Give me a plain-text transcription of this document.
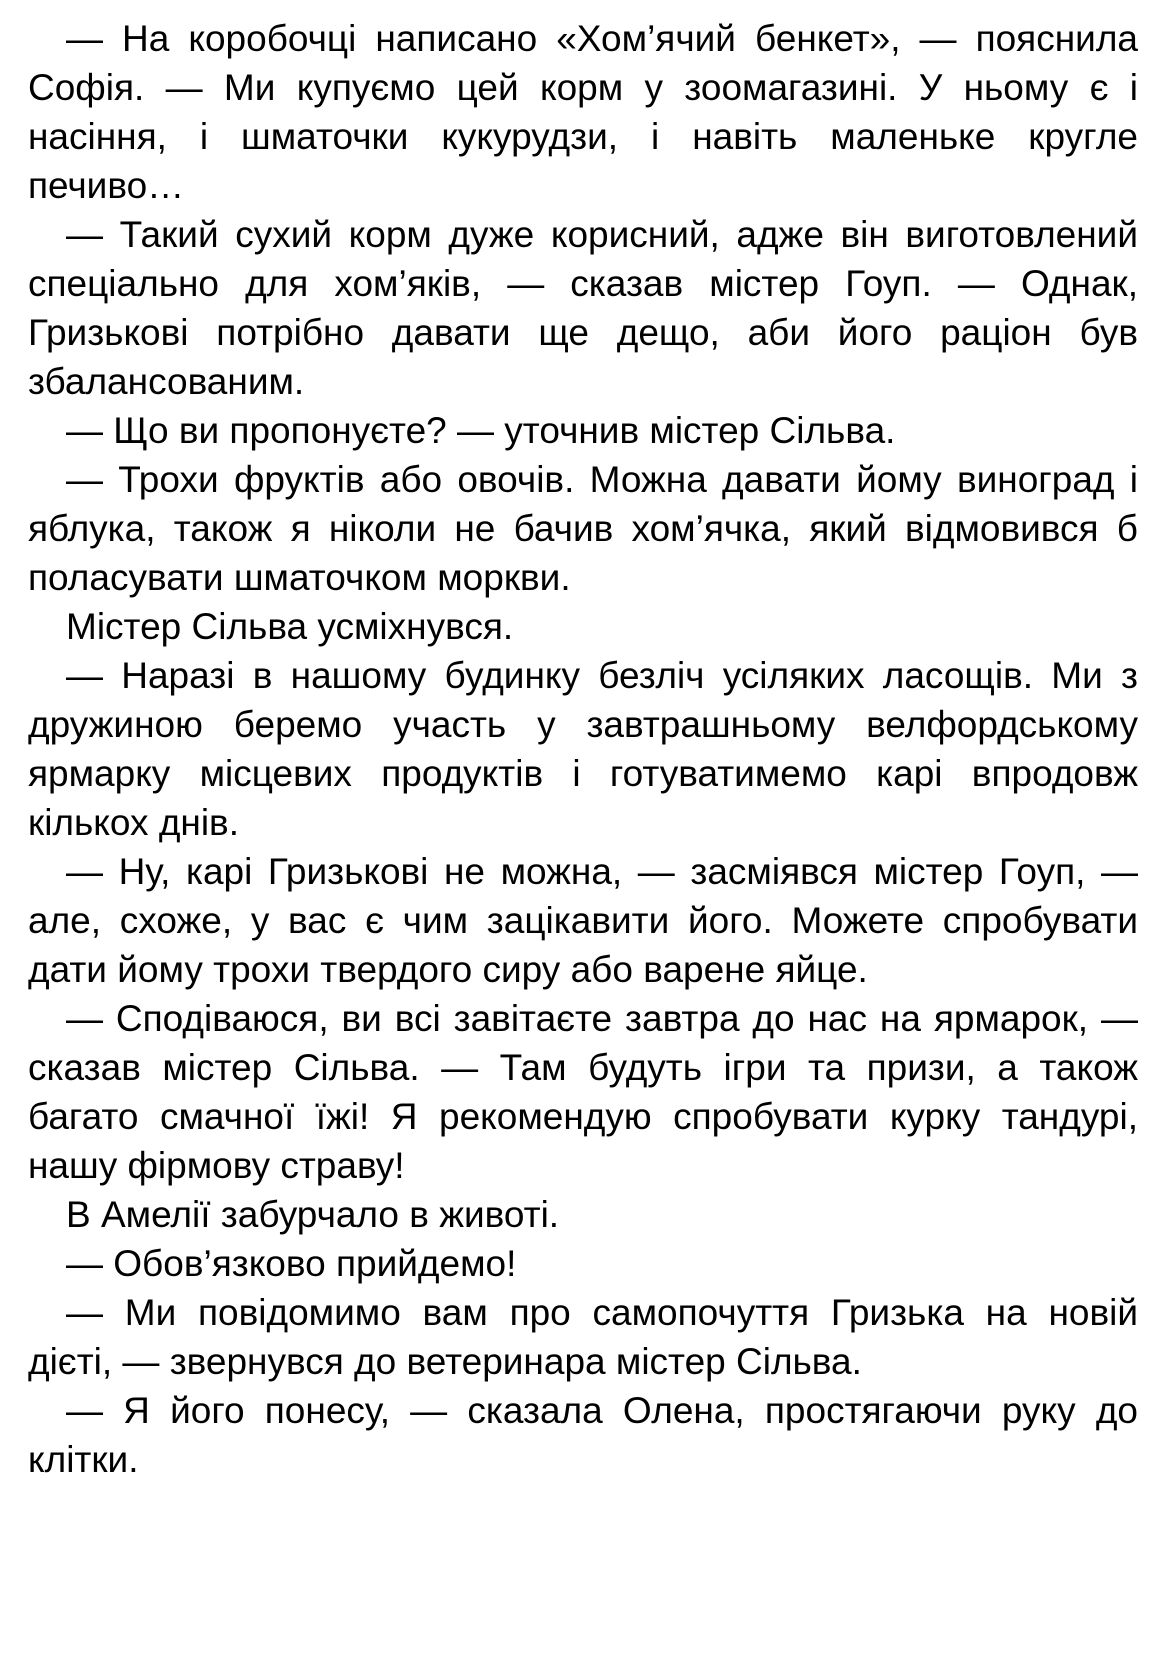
— На коробочці написано «Хом’ячий бенкет», — пояснила Софія. — Ми купуємо цей корм у зоомагазині. У ньому є і насіння, і шматочки кукурудзи, і навіть маленьке кругле печиво…

— Такий сухий корм дуже корисний, адже він виготовлений спеціально для хом’яків, — сказав містер Гоуп. — Однак, Гризькові потрібно давати ще дещо, аби його раціон був збалансованим.

— Що ви пропонуєте? — уточнив містер Сільва.

— Трохи фруктів або овочів. Можна давати йому виноград і яблука, також я ніколи не бачив хом’ячка, який відмовився б поласувати шматочком моркви.

Містер Сільва усміхнувся.

— Наразі в нашому будинку безліч усіляких ласощів. Ми з дружиною беремо участь у завтрашньому велфордському ярмарку місцевих продуктів і готуватимемо карі впродовж кількох днів.

— Ну, карі Гризькові не можна, — засміявся містер Гоуп, — але, схоже, у вас є чим зацікавити його. Можете спробувати дати йому трохи твердого сиру або варене яйце.

— Сподіваюся, ви всі завітаєте завтра до нас на ярмарок, — сказав містер Сільва. — Там будуть ігри та призи, а також багато смачної їжі! Я рекомендую спробувати курку тандурі, нашу фірмову страву!

В Амелії забурчало в животі.

— Обов’язково прийдемо!

— Ми повідомимо вам про самопочуття Гризька на новій дієті, — звернувся до ветеринара містер Сільва.

— Я його понесу, — сказала Олена, простягаючи руку до клітки.
